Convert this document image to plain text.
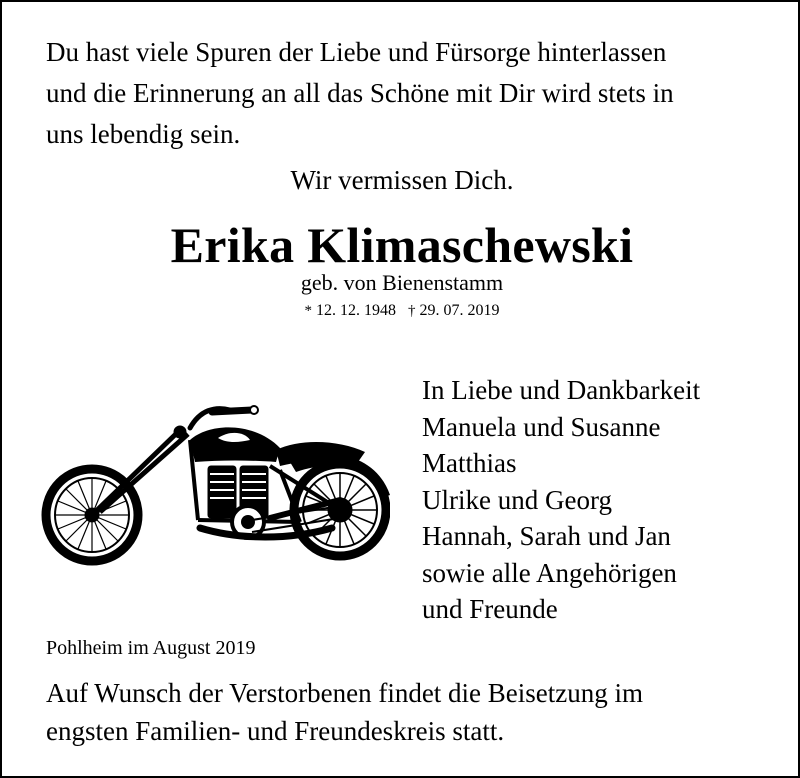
Du hast viele Spuren der Liebe und Fürsorge hinterlassen
und die Erinnerung an all das Schöne mit Dir wird stets in
uns lebendig sein.

Wir vermissen Dich.

Erika Klimaschewski

geb. von Bienenstamm

* 12. 12. 1948 † 29. 07. 2019

In Liebe und Dankbarkeit
Manuela und Susanne
Matthias
Ulrike und Georg
Hannah, Sarah und Jan
sowie alle Angehörigen
und Freunde

Pohlheim im August 2019

Auf Wunsch der Verstorbenen findet die Beisetzung im
engsten Familien- und Freundeskreis statt.
